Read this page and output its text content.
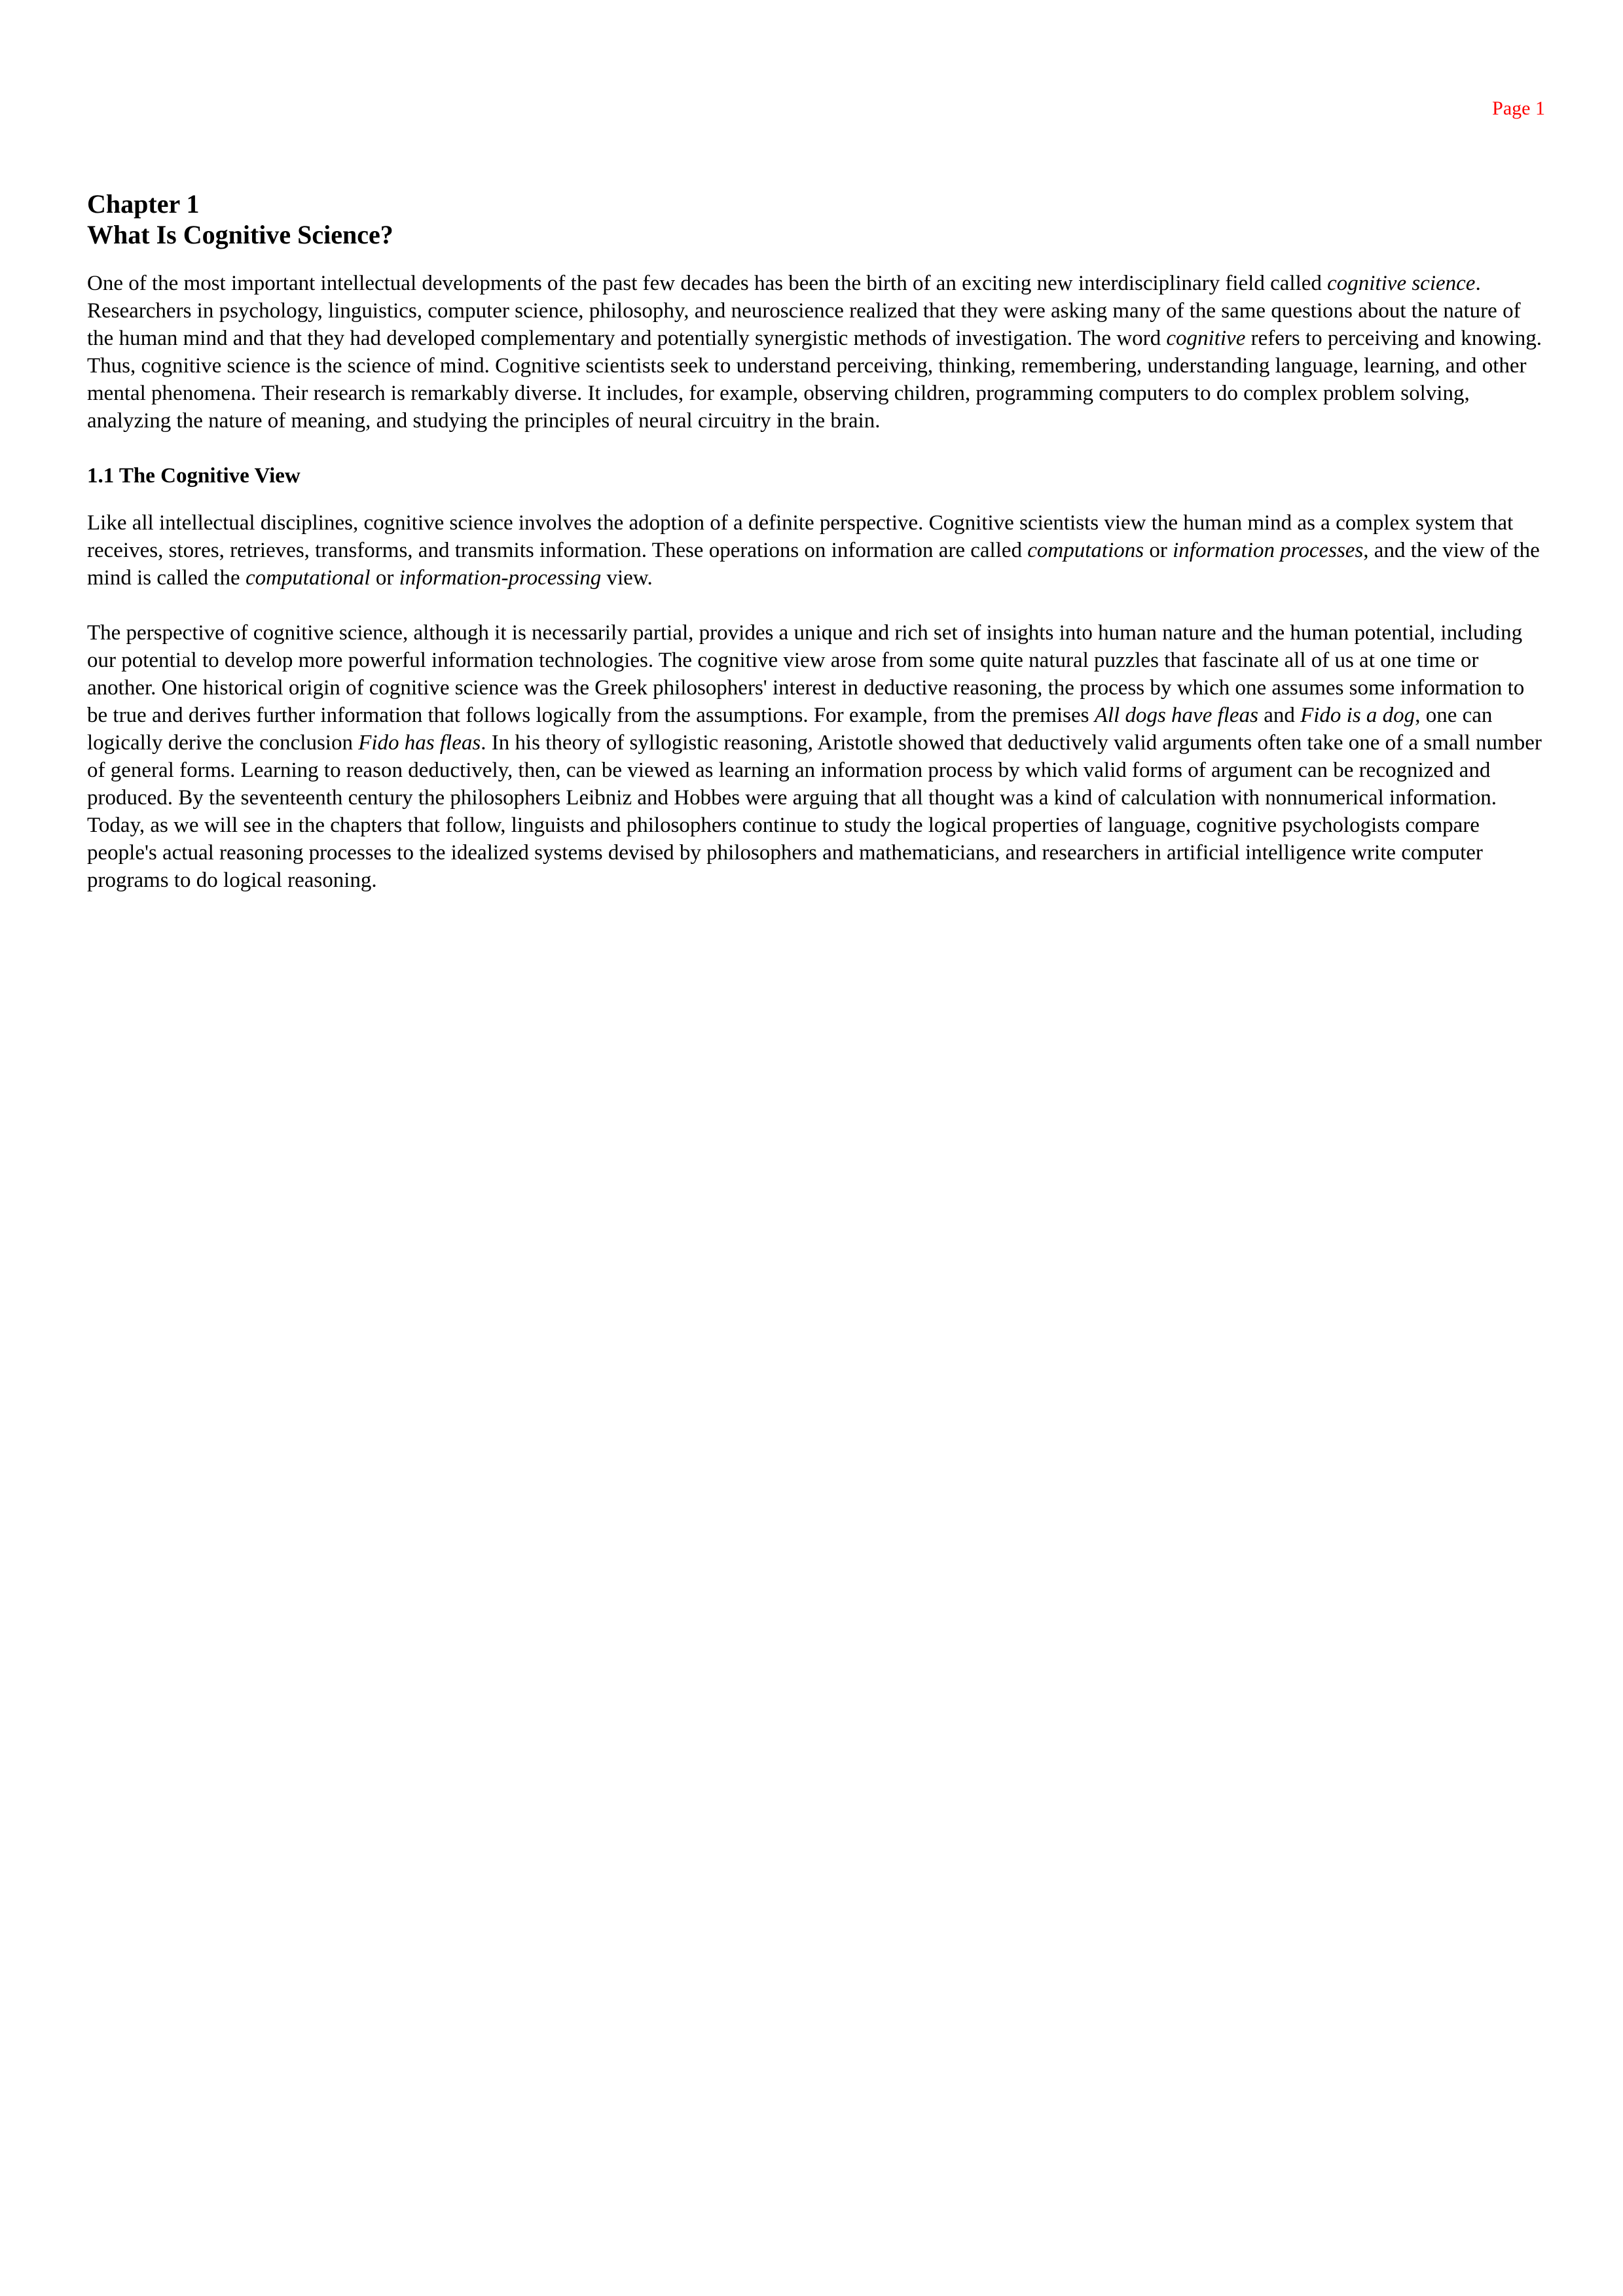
Page 1
Chapter 1
What Is Cognitive Science?

One of the most important intellectual developments of the past few decades has been the birth of an exciting new interdisciplinary field called cognitive science. Researchers in psychology, linguistics, computer science, philosophy, and neuroscience realized that they were asking many of the same questions about the nature of the human mind and that they had developed complementary and potentially synergistic methods of investigation. The word cognitive refers to perceiving and knowing. Thus, cognitive science is the science of mind. Cognitive scientists seek to understand perceiving, thinking, remembering, understanding language, learning, and other mental phenomena. Their research is remarkably diverse. It includes, for example, observing children, programming computers to do complex problem solving, analyzing the nature of meaning, and studying the principles of neural circuitry in the brain.

1.1 The Cognitive View

Like all intellectual disciplines, cognitive science involves the adoption of a definite perspective. Cognitive scientists view the human mind as a complex system that receives, stores, retrieves, transforms, and transmits information. These operations on information are called computations or information processes, and the view of the mind is called the computational or information-processing view.

The perspective of cognitive science, although it is necessarily partial, provides a unique and rich set of insights into human nature and the human potential, including our potential to develop more powerful information technologies. The cognitive view arose from some quite natural puzzles that fascinate all of us at one time or another. One historical origin of cognitive science was the Greek philosophers' interest in deductive reasoning, the process by which one assumes some information to be true and derives further information that follows logically from the assumptions. For example, from the premises All dogs have fleas and Fido is a dog, one can logically derive the conclusion Fido has fleas. In his theory of syllogistic reasoning, Aristotle showed that deductively valid arguments often take one of a small number of general forms. Learning to reason deductively, then, can be viewed as learning an information process by which valid forms of argument can be recognized and produced. By the seventeenth century the philosophers Leibniz and Hobbes were arguing that all thought was a kind of calculation with nonnumerical information. Today, as we will see in the chapters that follow, linguists and philosophers continue to study the logical properties of language, cognitive psychologists compare people's actual reasoning processes to the idealized systems devised by philosophers and mathematicians, and researchers in artificial intelligence write computer programs to do logical reasoning.
